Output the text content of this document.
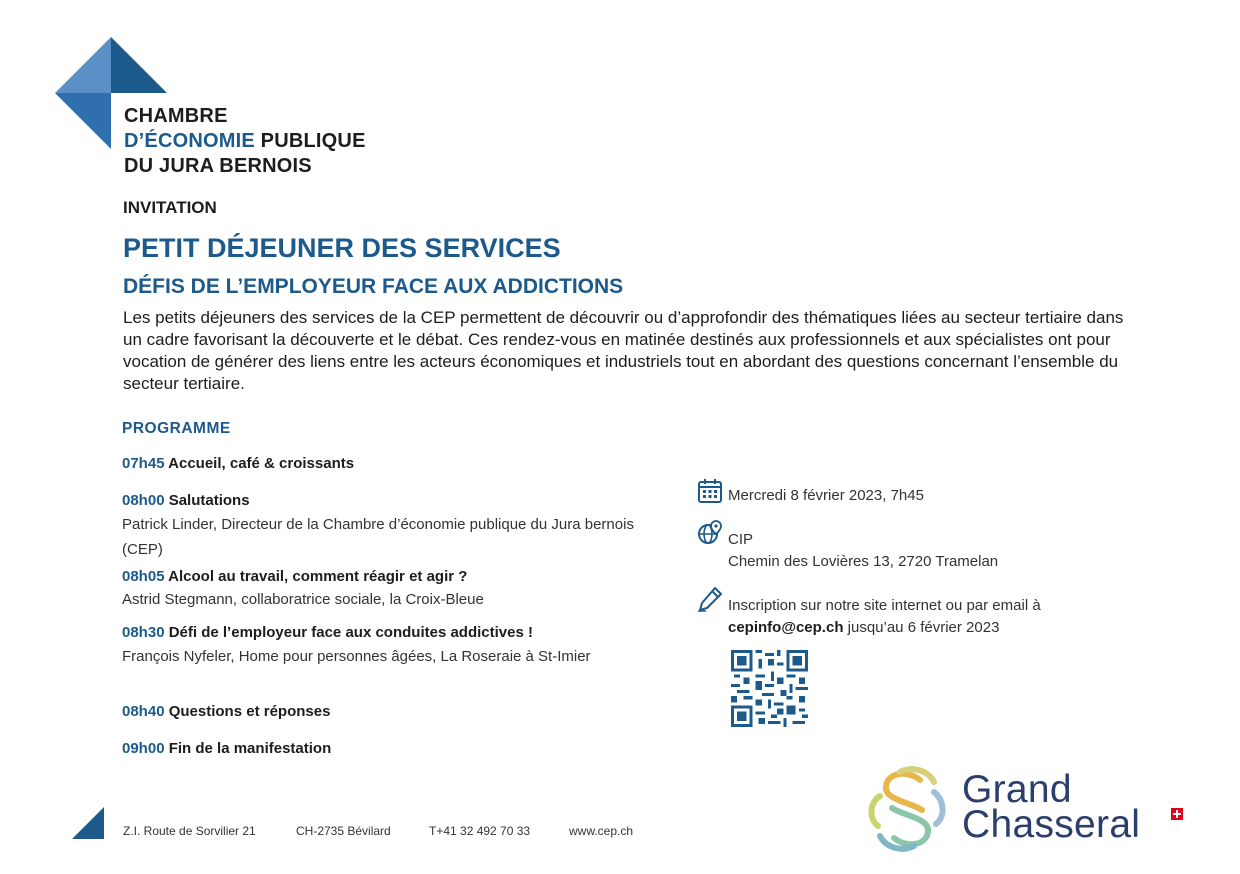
CHAMBRE
D’ÉCONOMIE PUBLIQUE
DU JURA BERNOIS
INVITATION
PETIT DÉJEUNER DES SERVICES
DÉFIS DE L’EMPLOYEUR FACE AUX ADDICTIONS
Les petits déjeuners des services de la CEP permettent de découvrir ou d’approfondir des thématiques liées au secteur tertiaire dans un cadre favorisant la découverte et le débat. Ces rendez-vous en matinée destinés aux professionnels et aux spécialistes ont pour vocation de générer des liens entre les acteurs économiques et industriels tout en abordant des questions concernant l’ensemble du secteur tertiaire.
PROGRAMME
07h45 Accueil, café & croissants
08h00 Salutations
Patrick Linder, Directeur de la Chambre d’économie publique du Jura bernois (CEP)
08h05 Alcool au travail, comment réagir et agir ?
Astrid Stegmann, collaboratrice sociale, la Croix-Bleue
08h30 Défi de l’employeur face aux conduites addictives !
François Nyfeler, Home pour personnes âgées, La Roseraie à St-Imier
08h40 Questions et réponses
09h00 Fin de la manifestation
Mercredi 8 février 2023, 7h45
CIP
Chemin des Lovières 13, 2720 Tramelan
Inscription sur notre site internet ou par email à
cepinfo@cep.ch jusqu’au 6 février 2023
Z.I. Route de Sorvilier 21	CH-2735 Bévilard	T+41 32 492 70 33	www.cep.ch
Grand
Chasseral
